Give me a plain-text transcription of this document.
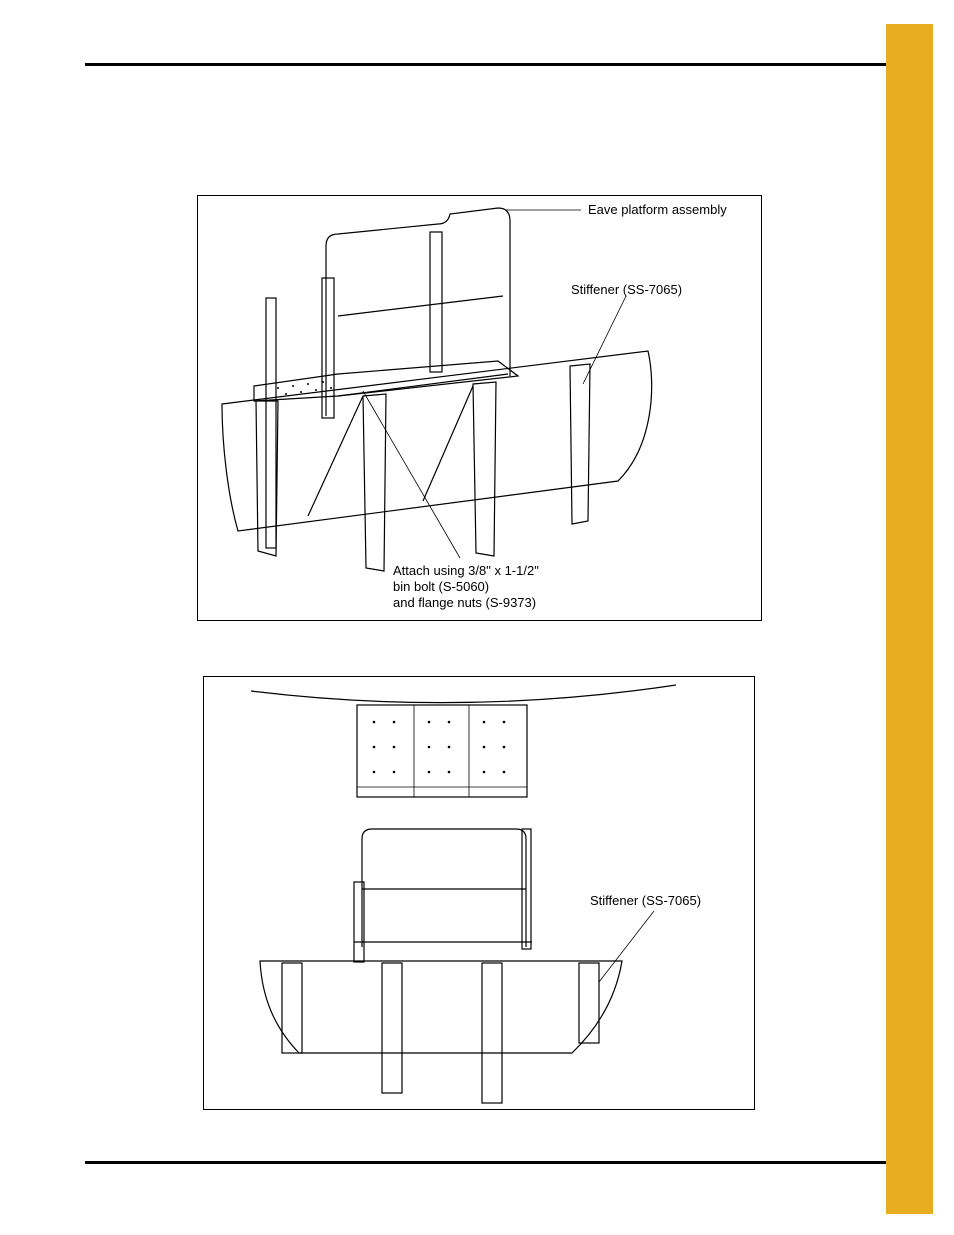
Eave platform assembly
Stiffener (SS-7065)
Attach using 3/8" x 1-1/2"
bin bolt (S-5060)
and flange nuts (S-9373)
Stiffener (SS-7065)
